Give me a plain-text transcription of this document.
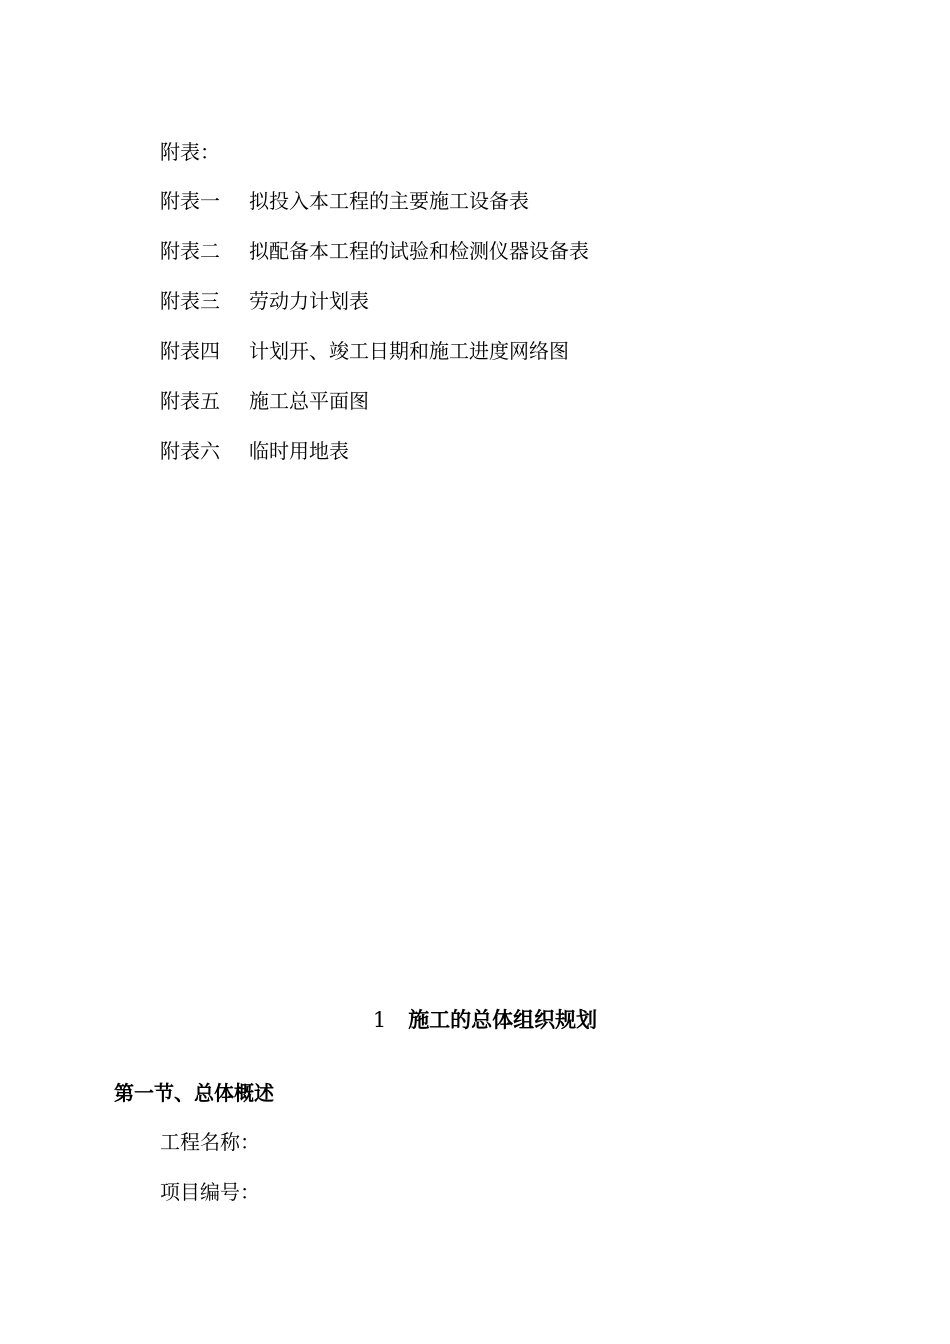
附表：

附表一 拟投入本工程的主要施工设备表
附表二 拟配备本工程的试验和检测仪器设备表
附表三 劳动力计划表
附表四 计划开、竣工日期和施工进度网络图
附表五 施工总平面图
附表六 临时用地表
1 施工的总体组织规划
第一节、总体概述
工程名称：
项目编号：
